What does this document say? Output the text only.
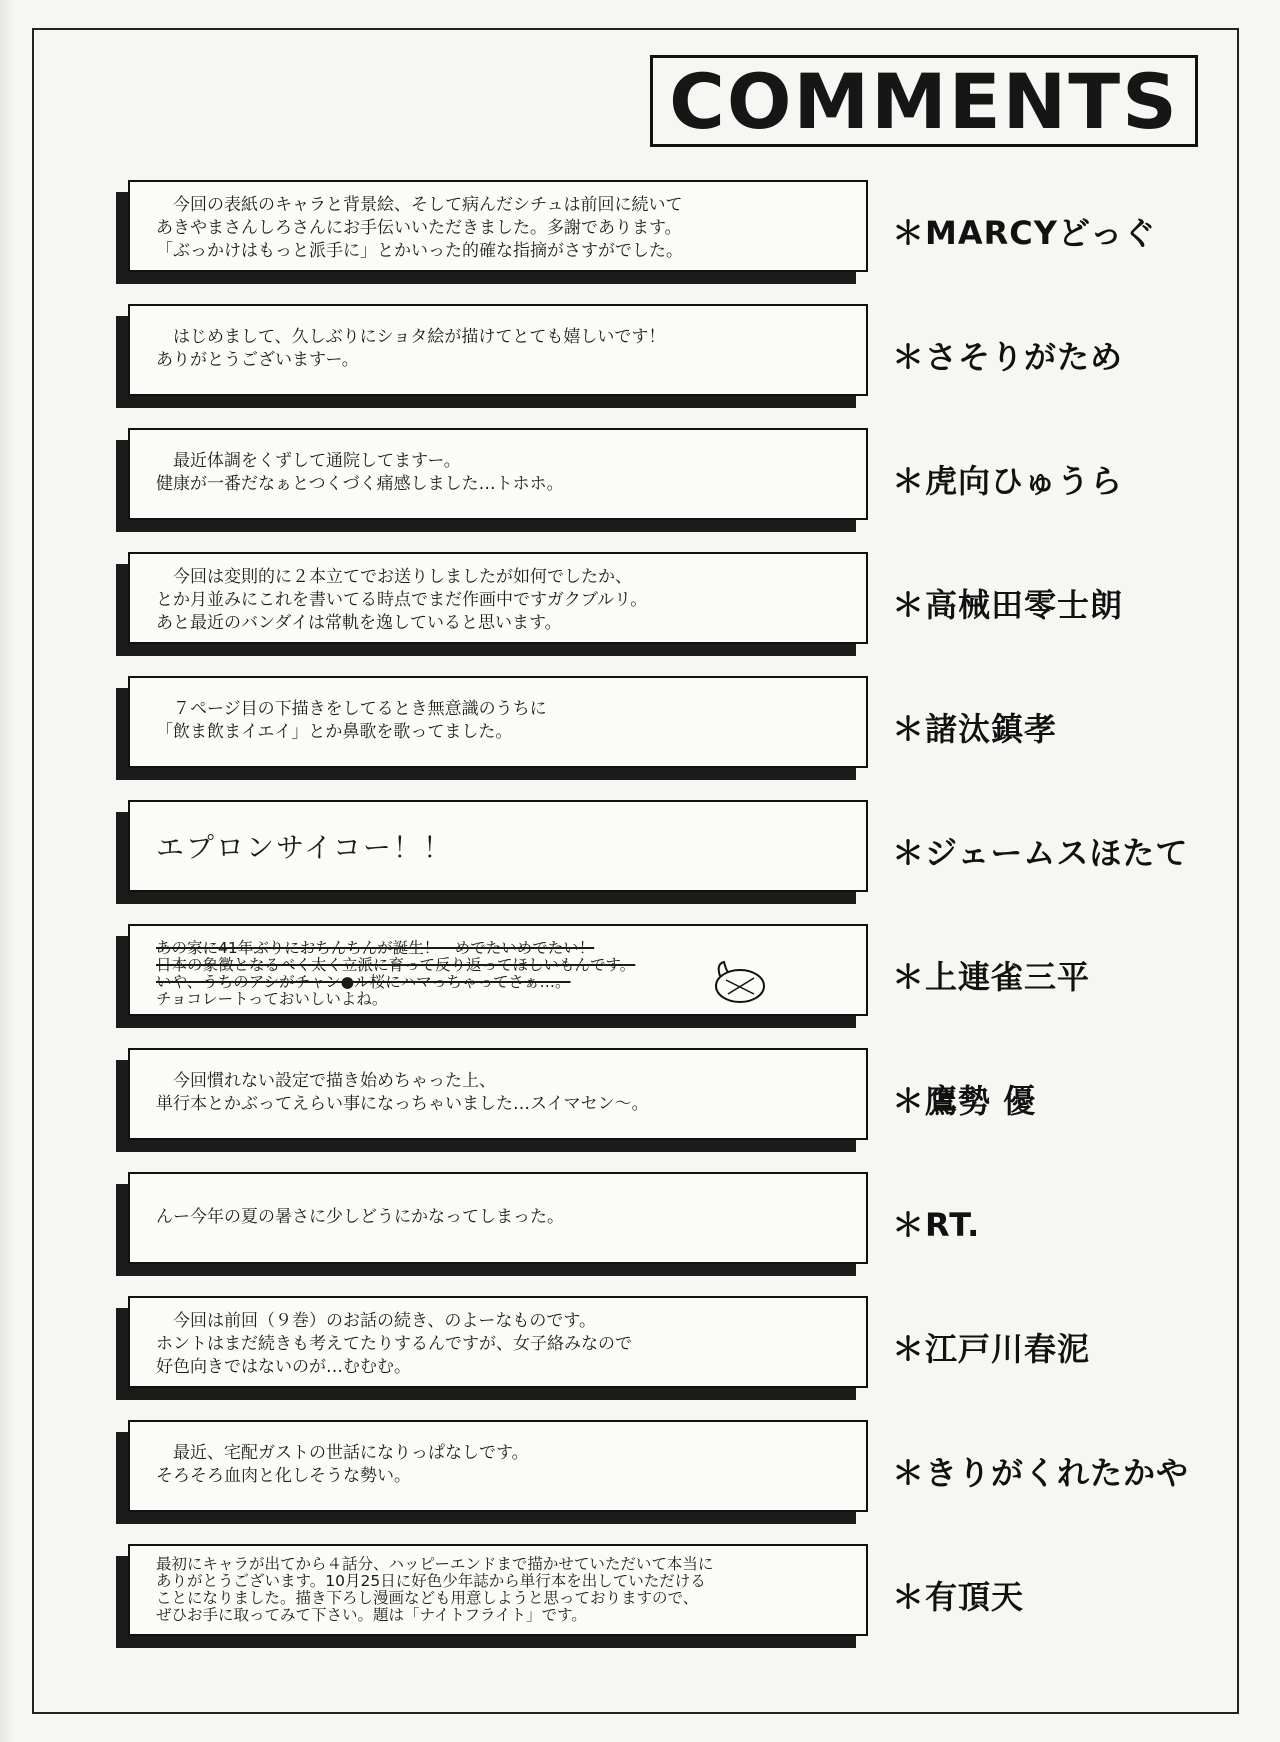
COMMENTS
　今回の表紙のキャラと背景絵、そして病んだシチュは前回に続いて
あきやまさんしろさんにお手伝いいただきました。多謝であります。
「ぶっかけはもっと派手に」とかいった的確な指摘がさすがでした。	＊MARCYどっぐ
　はじめまして、久しぶりにショタ絵が描けてとても嬉しいです！
ありがとうございますー。	＊さそりがため
　最近体調をくずして通院してますー。
健康が一番だなぁとつくづく痛感しました…トホホ。	＊虎向ひゅうら
　今回は変則的に２本立てでお送りしましたが如何でしたか、
とか月並みにこれを書いてる時点でまだ作画中ですガクブルリ。
あと最近のバンダイは常軌を逸していると思います。	＊高械田零士朗
　７ページ目の下描きをしてるとき無意識のうちに
「飲ま飲まイエイ」とか鼻歌を歌ってました。	＊諸汰鎮孝
エプロンサイコー！！	＊ジェームスほたて
あの家に41年ぶりにおちんちんが誕生！　めでたいめでたい！
日本の象徴となるべく太く立派に育って反り返ってほしいもんです。
いや、うちのアシがチャン●ル桜にハマっちゃってさぁ…。
チョコレートっておいしいよね。
＊上連雀三平
　今回慣れない設定で描き始めちゃった上、
単行本とかぶってえらい事になっちゃいました…スイマセン～。	＊鷹勢 優
んー今年の夏の暑さに少しどうにかなってしまった。	＊RT.
　今回は前回（９巻）のお話の続き、のよーなものです。
ホントはまだ続きも考えてたりするんですが、女子絡みなので
好色向きではないのが…むむむ。	＊江戸川春泥
　最近、宅配ガストの世話になりっぱなしです。
そろそろ血肉と化しそうな勢い。	＊きりがくれたかや
最初にキャラが出てから４話分、ハッピーエンドまで描かせていただいて本当に
ありがとうございます。10月25日に好色少年誌から単行本を出していただける
ことになりました。描き下ろし漫画なども用意しようと思っておりますので、
ぜひお手に取ってみて下さい。題は「ナイトフライト」です。	＊有頂天
